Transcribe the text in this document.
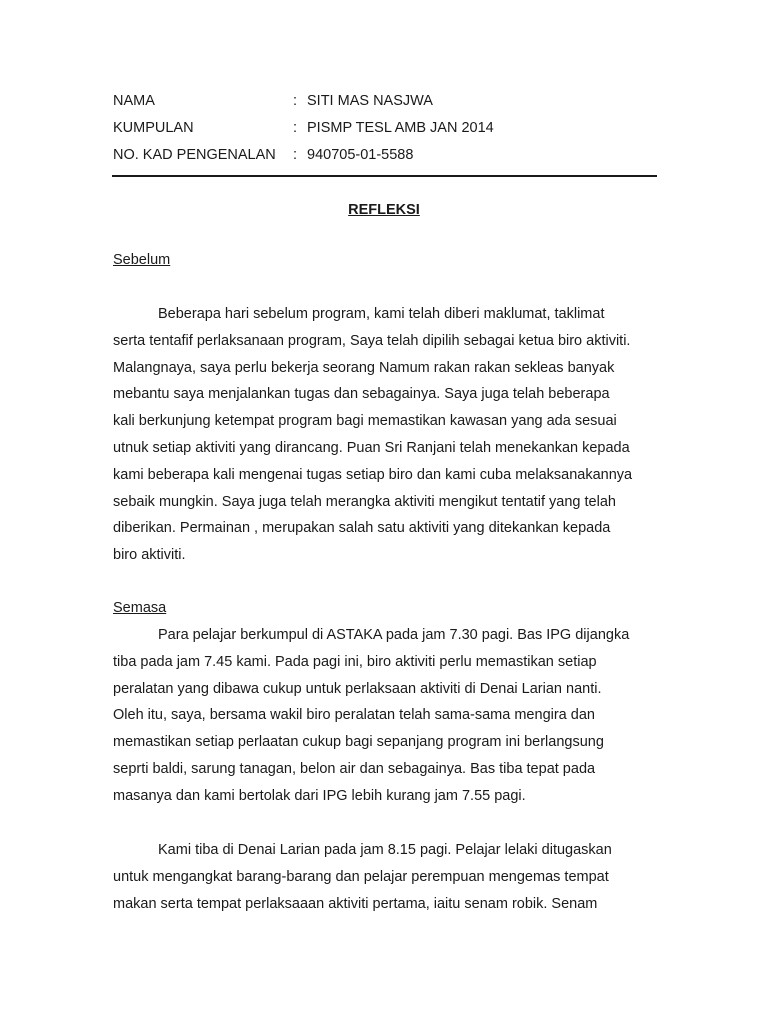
NAMA	: SITI MAS NASJWA
KUMPULAN	: PISMP TESL AMB JAN 2014
NO. KAD PENGENALAN	: 940705-01-5588
REFLEKSI
Sebelum
Beberapa hari sebelum program, kami telah diberi maklumat, taklimat
serta tentafif perlaksanaan program, Saya telah dipilih sebagai ketua biro aktiviti.
Malangnaya, saya perlu bekerja seorang Namum rakan rakan sekleas banyak
mebantu saya menjalankan tugas dan sebagainya. Saya juga telah beberapa
kali berkunjung ketempat program bagi memastikan kawasan yang ada sesuai
utnuk setiap aktiviti yang dirancang. Puan Sri Ranjani telah menekankan kepada
kami beberapa kali mengenai tugas setiap biro dan kami cuba melaksanakannya
sebaik mungkin. Saya juga telah merangka aktiviti mengikut tentatif yang telah
diberikan. Permainan , merupakan salah satu aktiviti yang ditekankan kepada
biro aktiviti.
Semasa
Para pelajar berkumpul di ASTAKA pada jam 7.30 pagi. Bas IPG dijangka
tiba pada jam 7.45 kami. Pada pagi ini, biro aktiviti perlu memastikan setiap
peralatan yang dibawa cukup untuk perlaksaan aktiviti di Denai Larian nanti.
Oleh itu, saya, bersama wakil biro peralatan telah sama-sama mengira dan
memastikan setiap perlaatan cukup bagi sepanjang program ini berlangsung
seprti baldi, sarung tanagan, belon air dan sebagainya. Bas tiba tepat pada
masanya dan kami bertolak dari IPG lebih kurang jam 7.55 pagi.
Kami tiba di Denai Larian pada jam 8.15 pagi. Pelajar lelaki ditugaskan
untuk mengangkat barang-barang dan pelajar perempuan mengemas tempat
makan serta tempat perlaksaaan aktiviti pertama, iaitu senam robik. Senam
